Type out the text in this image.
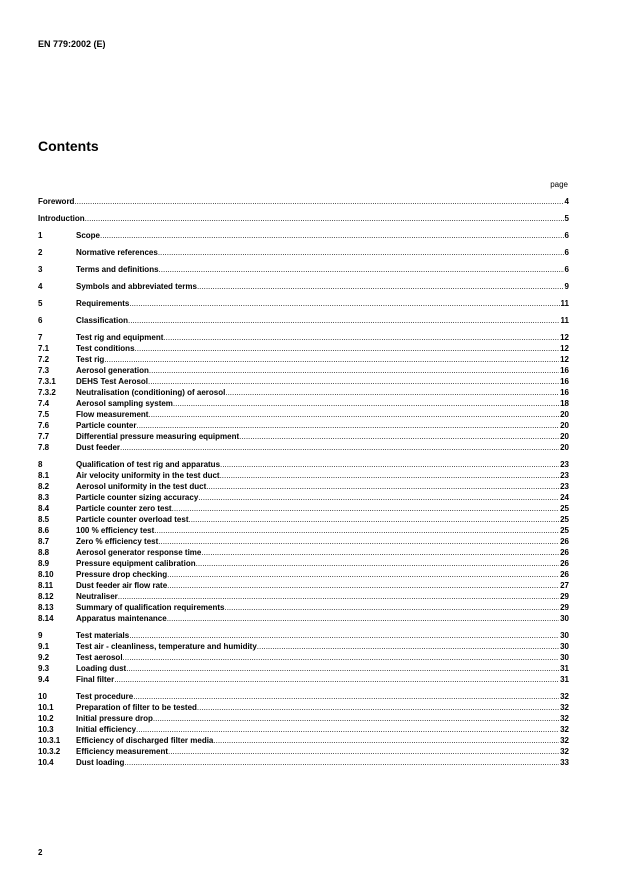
EN 779:2002 (E)
Contents
page
Foreword .....	4
Introduction .....	5
1	Scope .....	6
2	Normative references .....	6
3	Terms and definitions .....	6
4	Symbols and abbreviated terms .....	9
5	Requirements .....	11
6	Classification .....	11
7	Test rig and equipment .....	12
7.1	Test conditions .....	12
7.2	Test rig .....	12
7.3	Aerosol generation .....	16
7.3.1	DEHS Test Aerosol .....	16
7.3.2	Neutralisation (conditioning) of aerosol .....	16
7.4	Aerosol sampling system .....	18
7.5	Flow measurement .....	20
7.6	Particle counter .....	20
7.7	Differential pressure measuring equipment .....	20
7.8	Dust feeder .....	20
8	Qualification of test rig and apparatus .....	23
8.1	Air velocity uniformity in the test duct .....	23
8.2	Aerosol uniformity in the test duct .....	23
8.3	Particle counter sizing accuracy .....	24
8.4	Particle counter zero test .....	25
8.5	Particle counter overload test .....	25
8.6	100 % efficiency test .....	25
8.7	Zero % efficiency test .....	26
8.8	Aerosol generator response time .....	26
8.9	Pressure equipment calibration .....	26
8.10	Pressure drop checking .....	26
8.11	Dust feeder air flow rate .....	27
8.12	Neutraliser .....	29
8.13	Summary of qualification requirements .....	29
8.14	Apparatus maintenance .....	30
9	Test materials .....	30
9.1	Test air - cleanliness, temperature and humidity .....	30
9.2	Test aerosol .....	30
9.3	Loading dust .....	31
9.4	Final filter .....	31
10	Test procedure .....	32
10.1	Preparation of filter to be tested .....	32
10.2	Initial pressure drop .....	32
10.3	Initial efficiency .....	32
10.3.1	Efficiency of discharged filter media .....	32
10.3.2	Efficiency measurement .....	32
10.4	Dust loading .....	33
2
